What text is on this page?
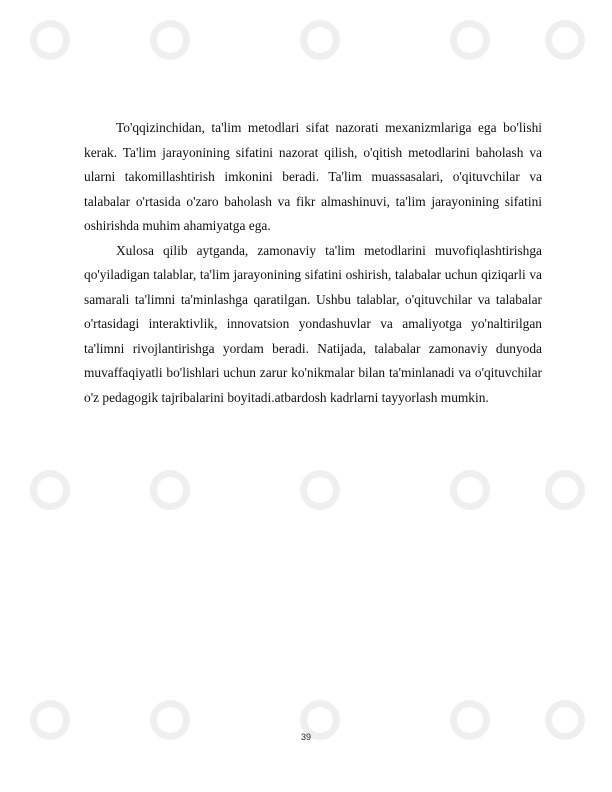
To'qqizinchidan, ta'lim metodlari sifat nazorati mexanizmlariga ega bo'lishi kerak. Ta'lim jarayonining sifatini nazorat qilish, o'qitish metodlarini baholash va ularni takomillashtirish imkonini beradi. Ta'lim muassasalari, o'qituvchilar va talabalar o'rtasida o'zaro baholash va fikr almashinuvi, ta'lim jarayonining sifatini oshirishda muhim ahamiyatga ega.

Xulosa qilib aytganda, zamonaviy ta'lim metodlarini muvofiqlashtirishga qo'yiladigan talablar, ta'lim jarayonining sifatini oshirish, talabalar uchun qiziqarli va samarali ta'limni ta'minlashga qaratilgan. Ushbu talablar, o'qituvchilar va talabalar o'rtasidagi interaktivlik, innovatsion yondashuvlar va amaliyotga yo'naltirilgan ta'limni rivojlantirishga yordam beradi. Natijada, talabalar zamonaviy dunyoda muvaffaqiyatli bo'lishlari uchun zarur ko'nikmalar bilan ta'minlanadi va o'qituvchilar o'z pedagogik tajribalarini boyitadi.atbardosh kadrlarni tayyorlash mumkin.

39
